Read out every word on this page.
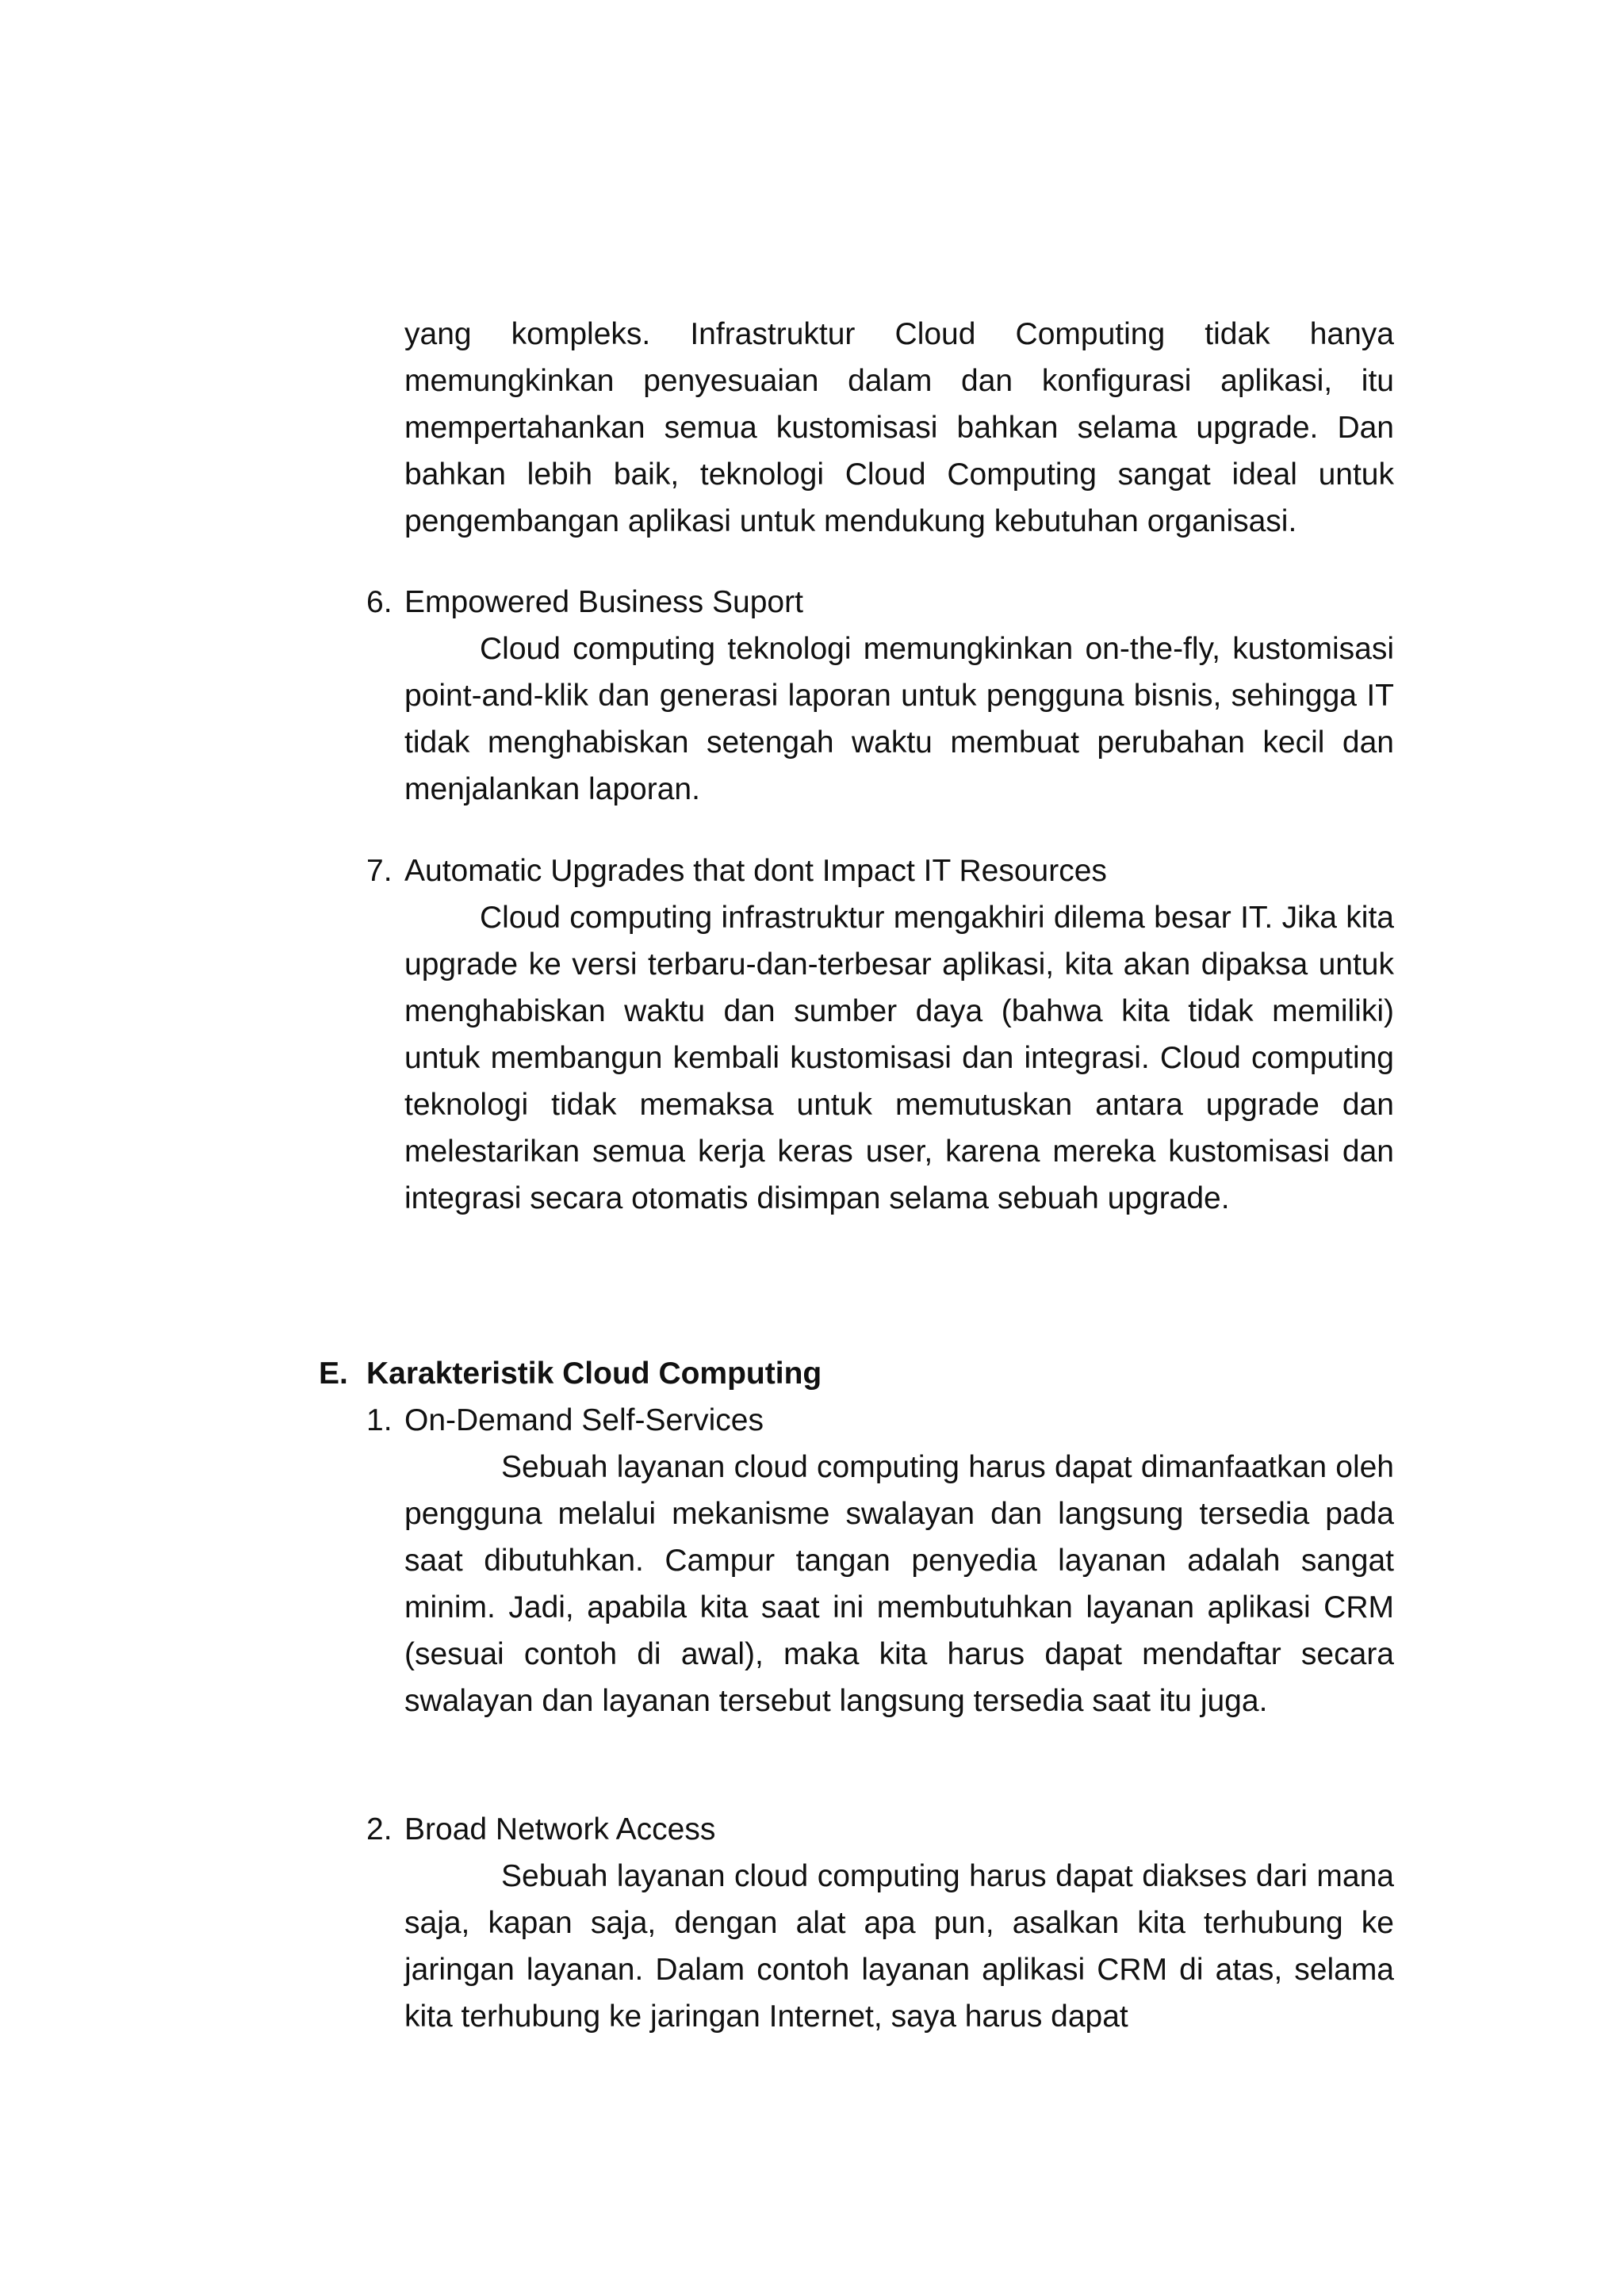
yang kompleks. Infrastruktur Cloud Computing tidak hanya memungkinkan penyesuaian dalam dan konfigurasi aplikasi, itu mempertahankan semua kustomisasi bahkan selama upgrade. Dan bahkan lebih baik, teknologi Cloud Computing sangat ideal untuk pengembangan aplikasi untuk mendukung kebutuhan organisasi.

6. Empowered Business Suport

Cloud computing teknologi memungkinkan on-the-fly, kustomisasi point-and-klik dan generasi laporan untuk pengguna bisnis, sehingga IT tidak menghabiskan setengah waktu membuat perubahan kecil dan menjalankan laporan.

7. Automatic Upgrades that dont Impact IT Resources

Cloud computing infrastruktur mengakhiri dilema besar IT. Jika kita upgrade ke versi terbaru-dan-terbesar aplikasi, kita akan dipaksa untuk menghabiskan waktu dan sumber daya (bahwa kita tidak memiliki) untuk membangun kembali kustomisasi dan integrasi. Cloud computing teknologi tidak memaksa untuk memutuskan antara upgrade dan melestarikan semua kerja keras user, karena mereka kustomisasi dan integrasi secara otomatis disimpan selama sebuah upgrade.

E. Karakteristik Cloud Computing
1. On-Demand Self-Services

Sebuah layanan cloud computing harus dapat dimanfaatkan oleh pengguna melalui mekanisme swalayan dan langsung tersedia pada saat dibutuhkan. Campur tangan penyedia layanan adalah sangat minim. Jadi, apabila kita saat ini membutuhkan layanan aplikasi CRM (sesuai contoh di awal), maka kita harus dapat mendaftar secara swalayan dan layanan tersebut langsung tersedia saat itu juga.

2. Broad Network Access

Sebuah layanan cloud computing harus dapat diakses dari mana saja, kapan saja, dengan alat apa pun, asalkan kita terhubung ke jaringan layanan. Dalam contoh layanan aplikasi CRM di atas, selama kita terhubung ke jaringan Internet, saya harus dapat
